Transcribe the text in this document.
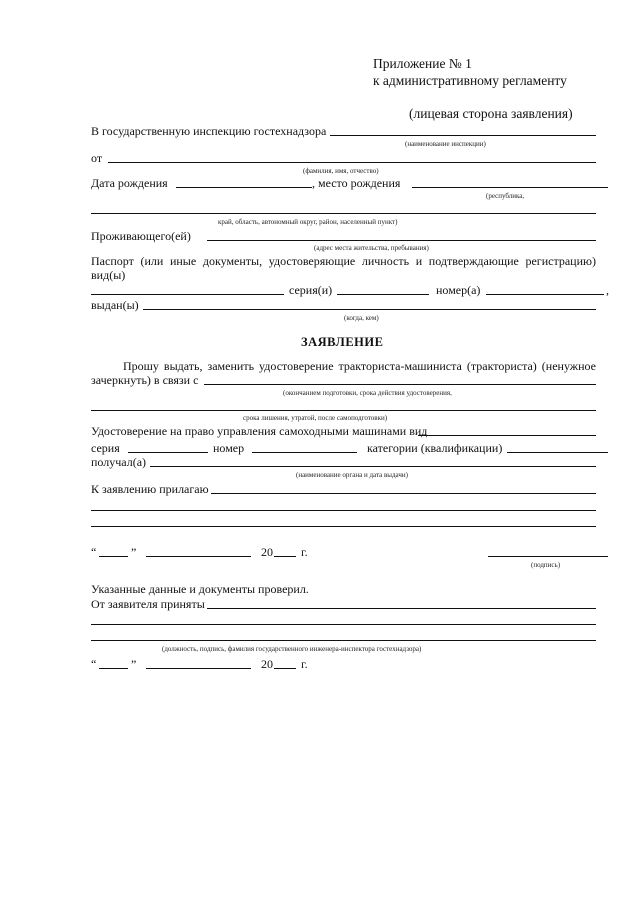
Приложение № 1
к административному регламенту
(лицевая сторона заявления)
В государственную инспекцию гостехнадзора
(наименование инспекции)
от
(фамилия, имя, отчество)
Дата рождения	, место рождения
(республика,
край, область, автономный округ, район, населенный пункт)
Проживающего(ей)
(адрес места жительства, пребывания)
Паспорт (или иные документы, удостоверяющие личность и подтверждающие регистрацию)
вид(ы)
серия(и)	номер(а)	,
выдан(ы)
(когда, кем)
ЗАЯВЛЕНИЕ
Прошу выдать, заменить удостоверение тракториста-машиниста (тракториста) (ненужное
зачеркнуть) в связи с
(окончанием подготовки, срока действия удостоверения,
срока лишения, утратой, после самоподготовки)
Удостоверение на право управления самоходными машинами вид
серия	номер	категории (квалификации)
получал(а)
(наименование органа и дата выдачи)
К заявлению прилагаю
“	”	20 г.
(подпись)
Указанные данные и документы проверил.
От заявителя приняты
(должность, подпись, фамилия государственного инженера-инспектора гостехнадзора)
“	”	20 г.
